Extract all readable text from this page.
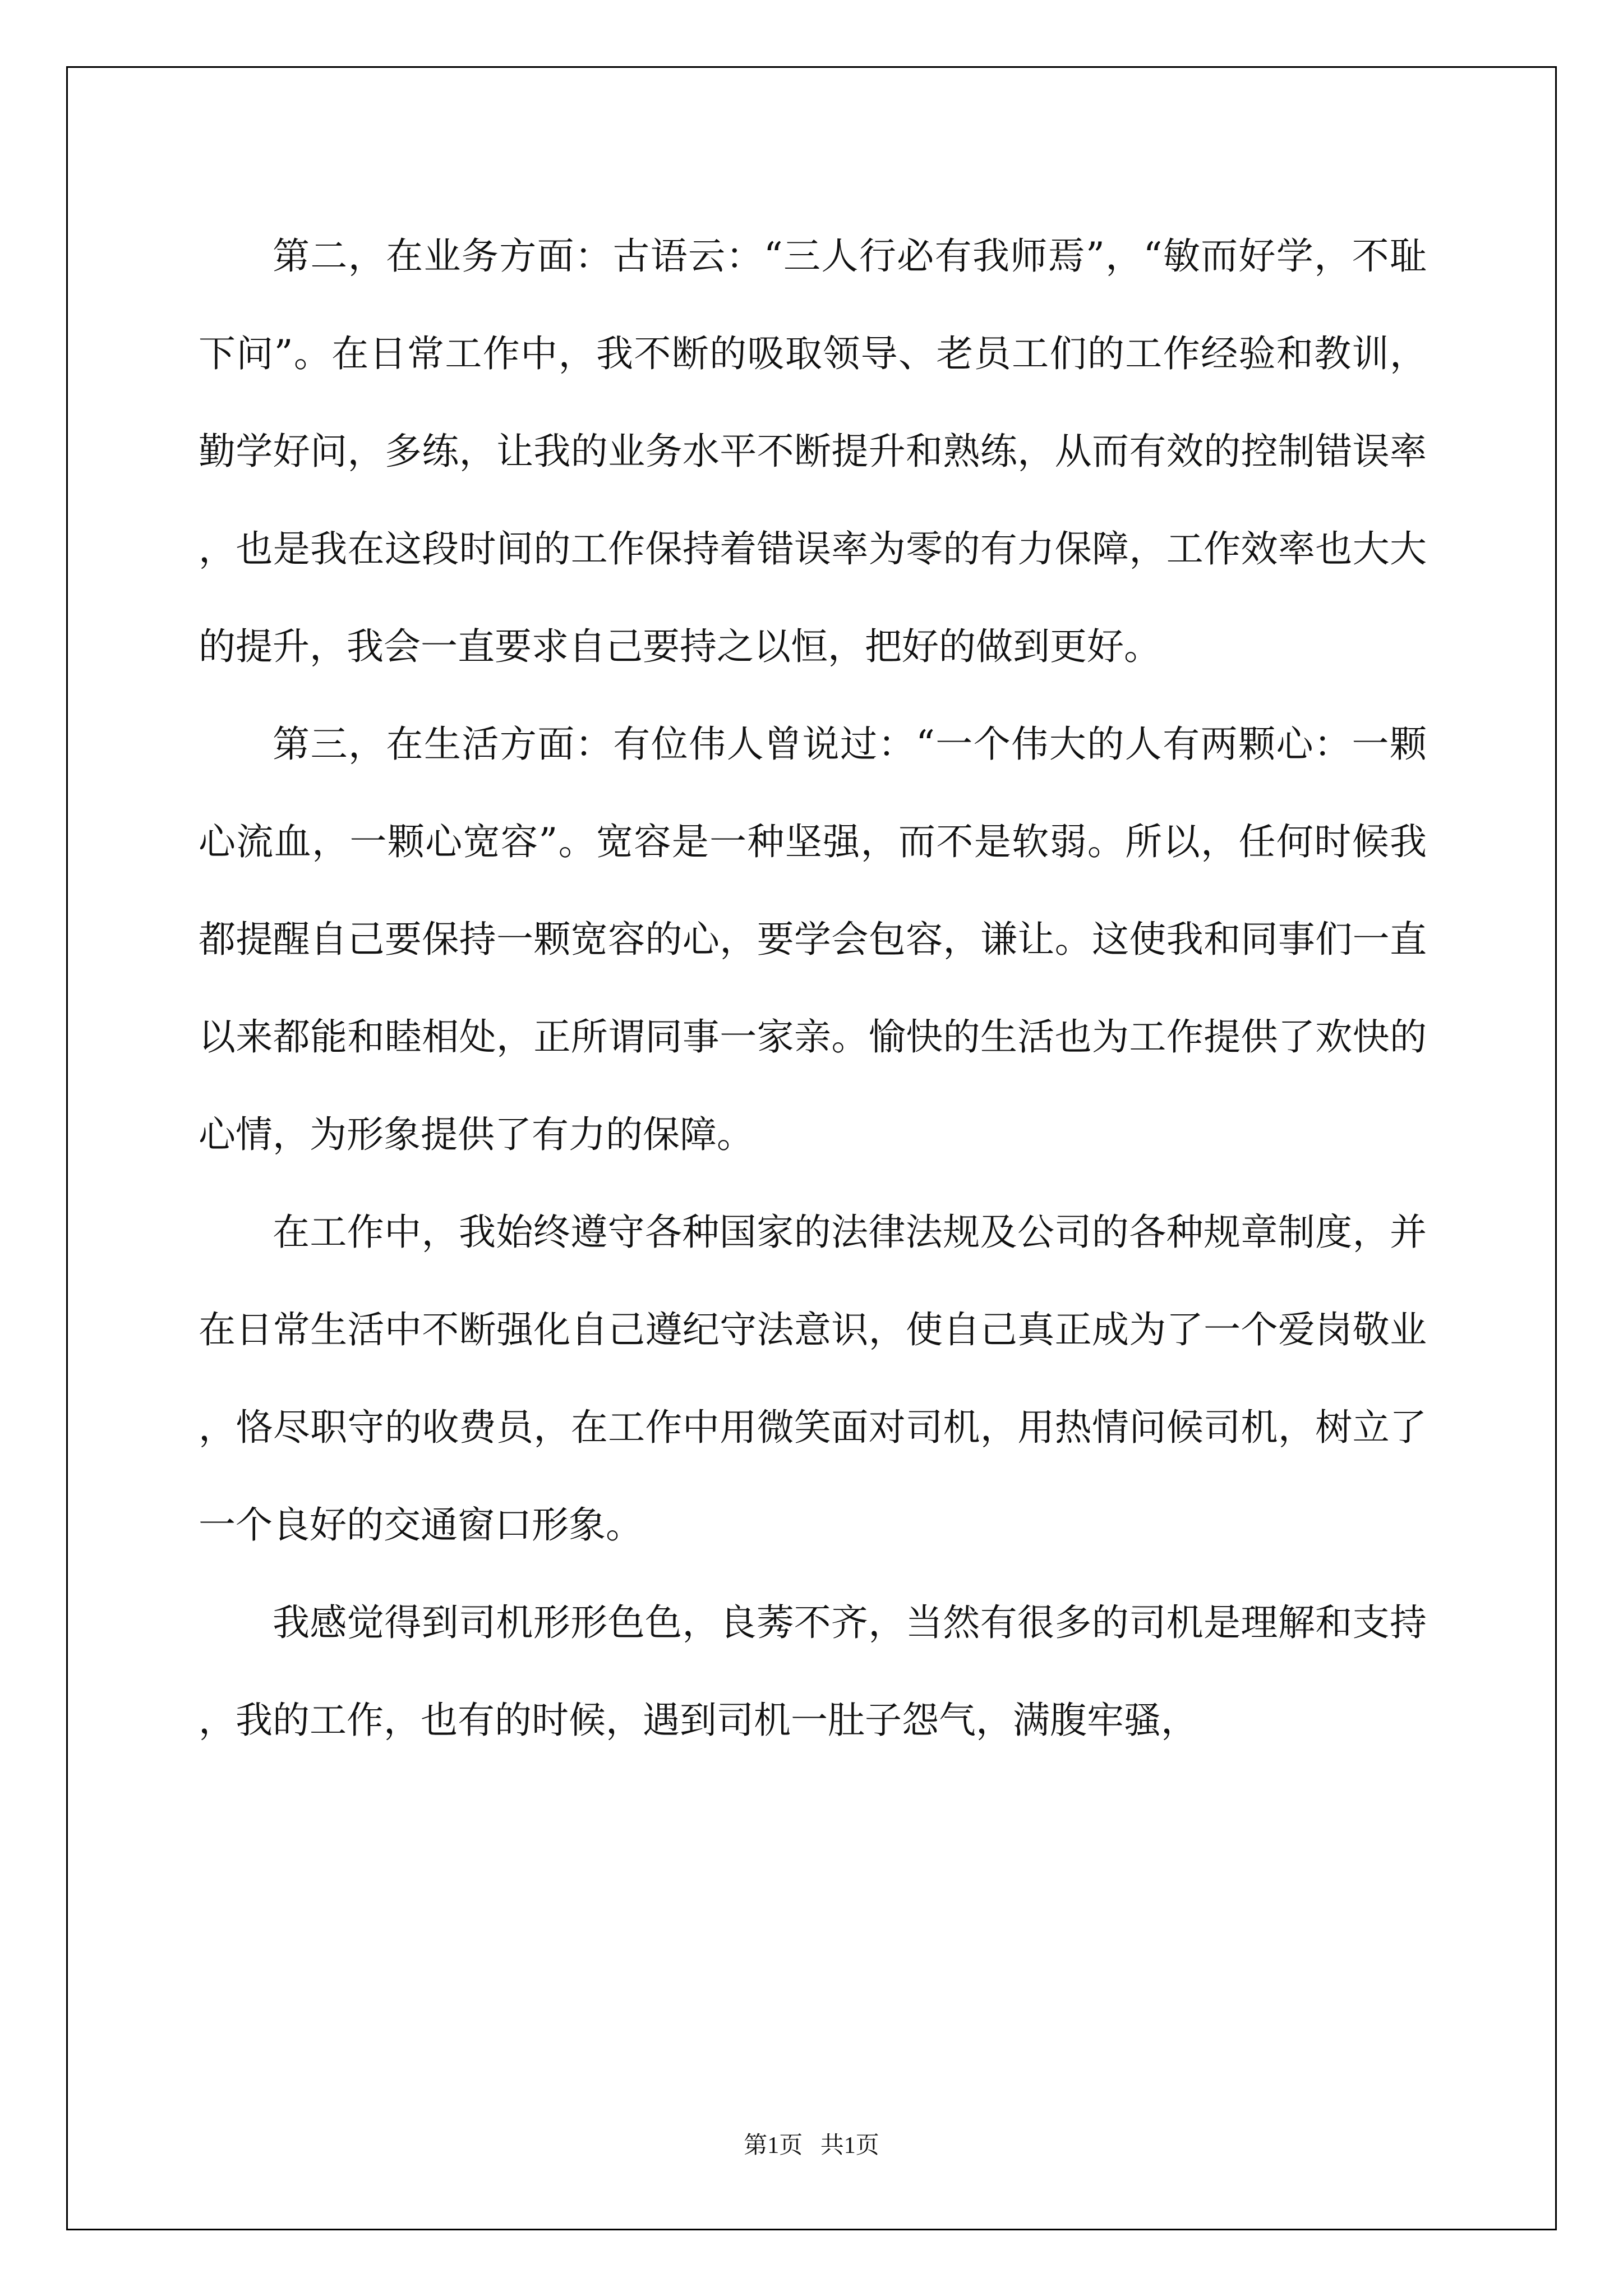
第二，在业务方面：古语云：“三人行必有我师焉”，“敏而好学，不耻下问”。在日常工作中，我不断的吸取领导、老员工们的工作经验和教训，勤学好问，多练，让我的业务水平不断提升和熟练，从而有效的控制错误率，也是我在这段时间的工作保持着错误率为零的有力保障，工作效率也大大的提升，我会一直要求自己要持之以恒，把好的做到更好。

第三，在生活方面：有位伟人曾说过：“一个伟大的人有两颗心：一颗心流血，一颗心宽容”。宽容是一种坚强，而不是软弱。所以，任何时候我都提醒自己要保持一颗宽容的心，要学会包容，谦让。这使我和同事们一直以来都能和睦相处，正所谓同事一家亲。愉快的生活也为工作提供了欢快的心情，为形象提供了有力的保障。

在工作中，我始终遵守各种国家的法律法规及公司的各种规章制度，并在日常生活中不断强化自己遵纪守法意识，使自己真正成为了一个爱岗敬业，恪尽职守的收费员，在工作中用微笑面对司机，用热情问候司机，树立了一个良好的交通窗口形象。

我感觉得到司机形形色色，良莠不齐，当然有很多的司机是理解和支持，我的工作，也有的时候，遇到司机一肚子怨气，满腹牢骚，

第1页   共1页
